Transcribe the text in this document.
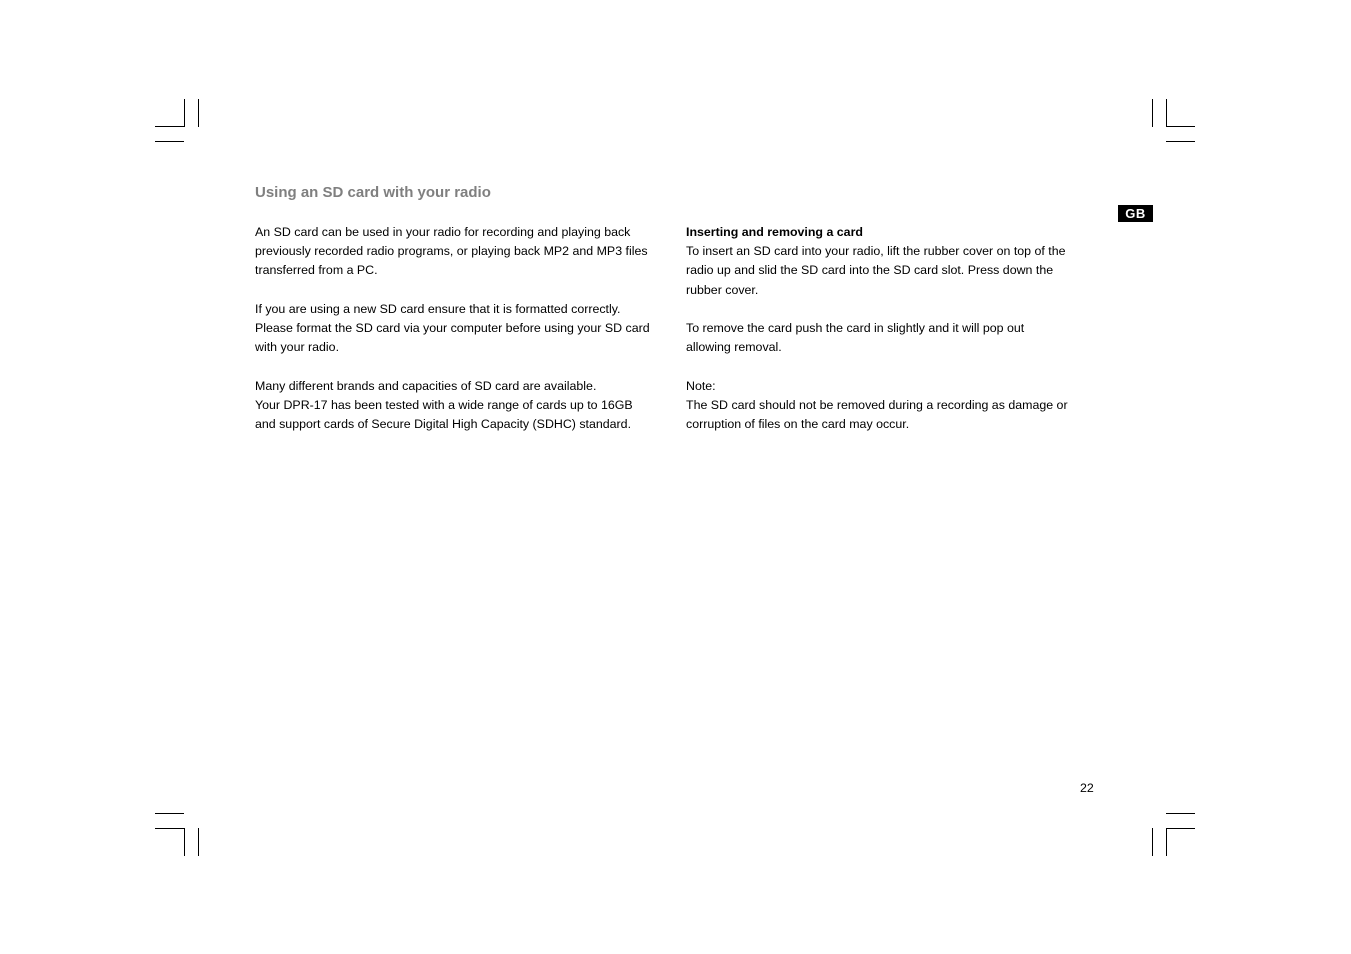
Using an SD card with your radio
GB

An SD card can be used in your radio for recording and playing back
previously recorded radio programs, or playing back MP2 and MP3 files
transferred from a PC.

If you are using a new SD card ensure that it is formatted correctly.
Please format the SD card via your computer before using your SD card
with your radio.

Many different brands and capacities of SD card are available.
Your DPR-17 has been tested with a wide range of cards up to 16GB
and support cards of Secure Digital High Capacity (SDHC) standard.

Inserting and removing a card
To insert an SD card into your radio, lift the rubber cover on top of the
radio up and slid the SD card into the SD card slot. Press down the
rubber cover.

To remove the card push the card in slightly and it will pop out
allowing removal.

Note:
The SD card should not be removed during a recording as damage or
corruption of files on the card may occur.

22
